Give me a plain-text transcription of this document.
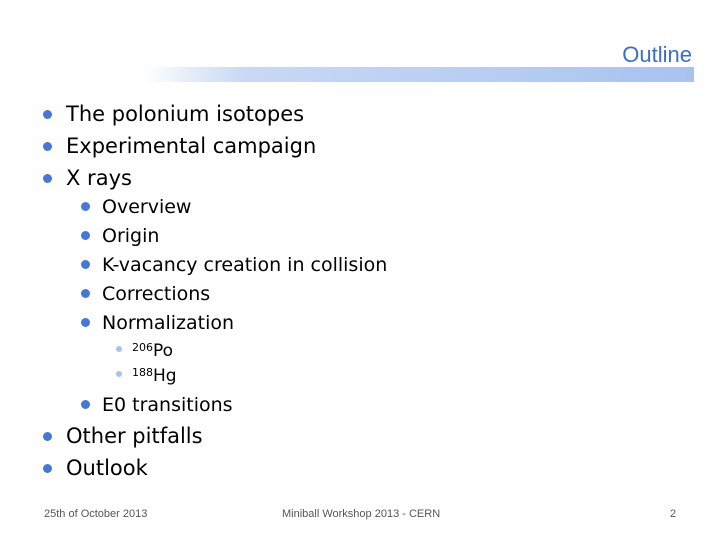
Outline
The polonium isotopes
Experimental campaign
X rays
Overview
Origin
K-vacancy creation in collision
Corrections
Normalization
206 Po
188 Hg
E0 transitions
Other pitfalls
Outlook
25th of October 2013	Miniball Workshop 2013 - CERN	2
